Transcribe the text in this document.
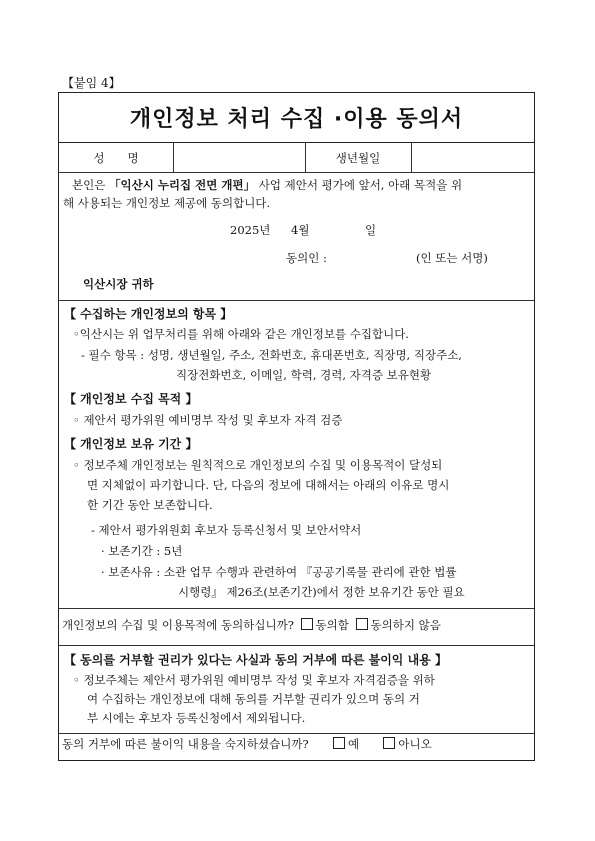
【붙임 4】
개인정보 처리 수집 ·이용 동의서
성　　명	생년월일
본인은 「익산시 누리집 전면 개편」 사업 제안서 평가에 앞서, 아래 목적을 위
해 사용되는 개인정보 제공에 동의합니다.
2025년 4월	일
동의인 :	(인 또는 서명)
익산시장 귀하
【 수집하는 개인정보의 항목 】
◦익산시는 위 업무처리를 위해 아래와 같은 개인정보를 수집합니다.
- 필수 항목 : 성명, 생년월일, 주소, 전화번호, 휴대폰번호, 직장명, 직장주소,
직장전화번호, 이메일, 학력, 경력, 자격증 보유현황
【 개인정보 수집 목적 】
◦ 제안서 평가위원 예비명부 작성 및 후보자 자격 검증
【 개인정보 보유 기간 】
◦ 정보주체 개인정보는 원칙적으로 개인정보의 수집 및 이용목적이 달성되
면 지체없이 파기합니다. 단, 다음의 정보에 대해서는 아래의 이유로 명시
한 기간 동안 보존합니다.
- 제안서 평가위원회 후보자 등록신청서 및 보안서약서
· 보존기간 : 5년
· 보존사유 : 소관 업무 수행과 관련하여 『공공기록물 관리에 관한 법률
시행령』 제26조(보존기간)에서 정한 보유기간 동안 필요
개인정보의 수집 및 이용목적에 동의하십니까? 동의함 동의하지 않음
【 동의를 거부할 권리가 있다는 사실과 동의 거부에 따른 불이익 내용 】
◦ 정보주체는 제안서 평가위원 예비명부 작성 및 후보자 자격검증을 위하
여 수집하는 개인정보에 대해 동의를 거부할 권리가 있으며 동의 거
부 시에는 후보자 등록신청에서 제외됩니다.
동의 거부에 따른 불이익 내용을 숙지하셨습니까?	예	아니오
